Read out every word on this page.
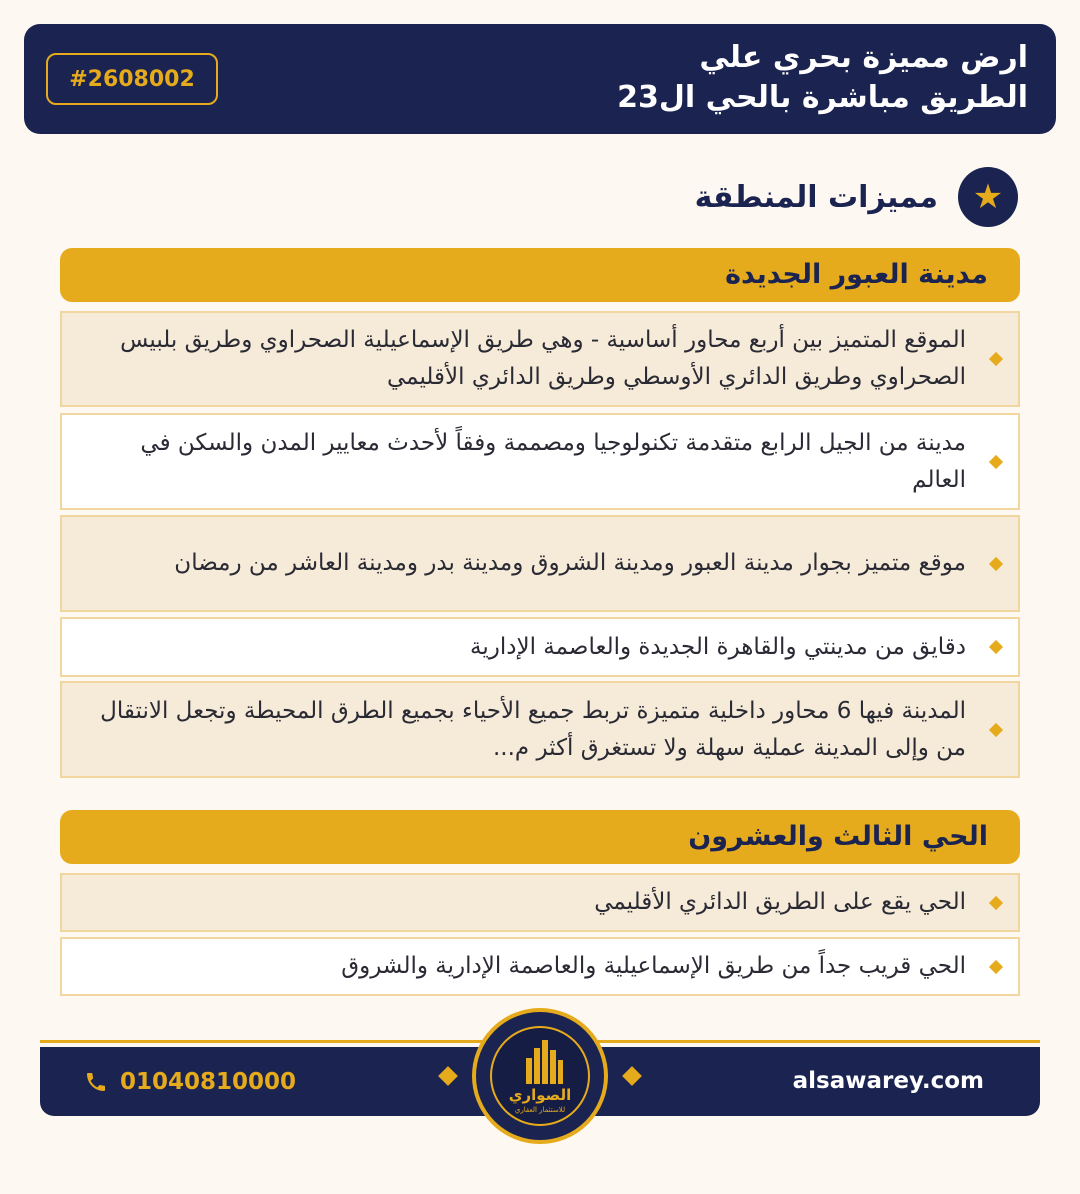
ارض مميزة بحري علي
الطريق مباشرة بالحي ال23
#2608002
★
مميزات المنطقة
مدينة العبور الجديدة
الموقع المتميز بين أربع محاور أساسية - وهي طريق الإسماعيلية الصحراوي وطريق بلبيس الصحراوي وطريق الدائري الأوسطي وطريق الدائري الأقليمي
مدينة من الجيل الرابع متقدمة تكنولوجيا ومصممة وفقاً لأحدث معايير المدن والسكن في العالم
موقع متميز بجوار مدينة العبور ومدينة الشروق ومدينة بدر ومدينة العاشر من رمضان
دقايق من مدينتي والقاهرة الجديدة والعاصمة الإدارية
المدينة فيها 6 محاور داخلية متميزة تربط جميع الأحياء بجميع الطرق المحيطة وتجعل الانتقال من وإلى المدينة عملية سهلة ولا تستغرق أكثر م...
الحي الثالث والعشرون
الحي يقع على الطريق الدائري الأقليمي
الحي قريب جداً من طريق الإسماعيلية والعاصمة الإدارية والشروق
alsawarey.com
01040810000
الصواري
للاستثمار العقاري
